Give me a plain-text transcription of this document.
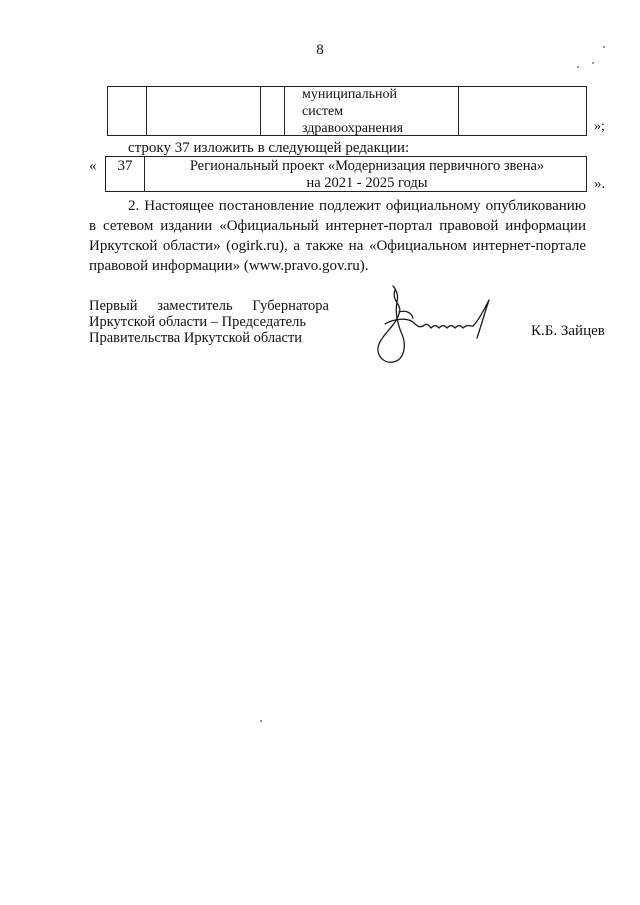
8
муниципальной
систем
здравоохранения	»;
строку 37 изложить в следующей редакции:
«	37	Региональный проект «Модернизация первичного звена»
на 2021 - 2025 годы	».
2. Настоящее постановление подлежит официальному опубликованию в сетевом издании «Официальный интернет-портал правовой информации Иркутской области» (ogirk.ru), а также на «Официальном интернет-портале правовой информации» (www.pravo.gov.ru).
Первый заместитель Губернатора
Иркутской области – Председатель
Правительства Иркутской области	К.Б. Зайцев
